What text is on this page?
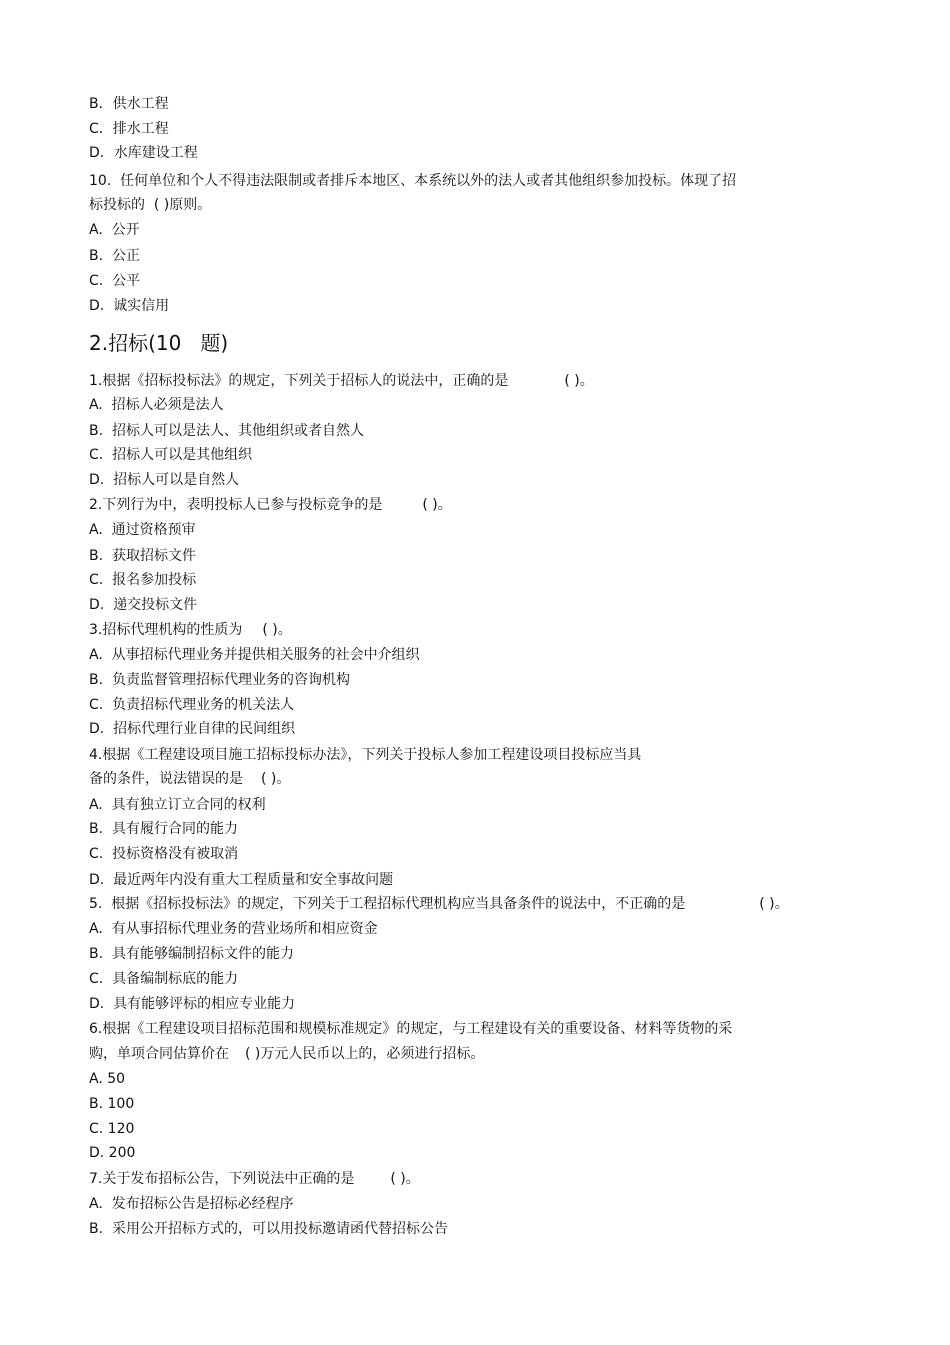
B．供水工程
C．排水工程
D．水库建设工程
10.  任何单位和个人不得违法限制或者排斥本地区、本系统以外的法人或者其他组织参加投标。体现了招
标投标的  ( )原则。
A.  公开
B.  公正
C.  公平
D.  诚实信用
2.招标(10   题)
1.根据《招标投标法》的规定，下列关于招标人的说法中，正确的是	( )。
A.  招标人必须是法人
B.  招标人可以是法人、其他组织或者自然人
C.  招标人可以是其他组织
D.  招标人可以是自然人
2.下列行为中，表明投标人已参与投标竞争的是	( )。
A.  通过资格预审
B.  获取招标文件
C.  报名参加投标
D.  递交投标文件
3.招标代理机构的性质为 ( )。
A.  从事招标代理业务并提供相关服务的社会中介组织
B.  负责监督管理招标代理业务的咨询机构
C.  负责招标代理业务的机关法人
D.  招标代理行业自律的民间组织
4.根据《工程建设项目施工招标投标办法》，下列关于投标人参加工程建设项目投标应当具
备的条件，说法错误的是 ( )。
A.  具有独立订立合同的权利
B.  具有履行合同的能力
C.  投标资格没有被取消
D.  最近两年内没有重大工程质量和安全事故问题
5.  根据《招标投标法》的规定，下列关于工程招标代理机构应当具备条件的说法中，不正确的是	( )。
A.  有从事招标代理业务的营业场所和相应资金
B.  具有能够编制招标文件的能力
C.  具备编制标底的能力
D.  具有能够评标的相应专业能力
6.根据《工程建设项目招标范围和规模标准规定》的规定，与工程建设有关的重要设备、材料等货物的采
购，单项合同估算价在 ( )万元人民币以上的，必须进行招标。
A. 50
B. 100
C. 120
D. 200
7.关于发布招标公告，下列说法中正确的是	( )。
A.  发布招标公告是招标必经程序
B.  采用公开招标方式的，可以用投标邀请函代替招标公告
